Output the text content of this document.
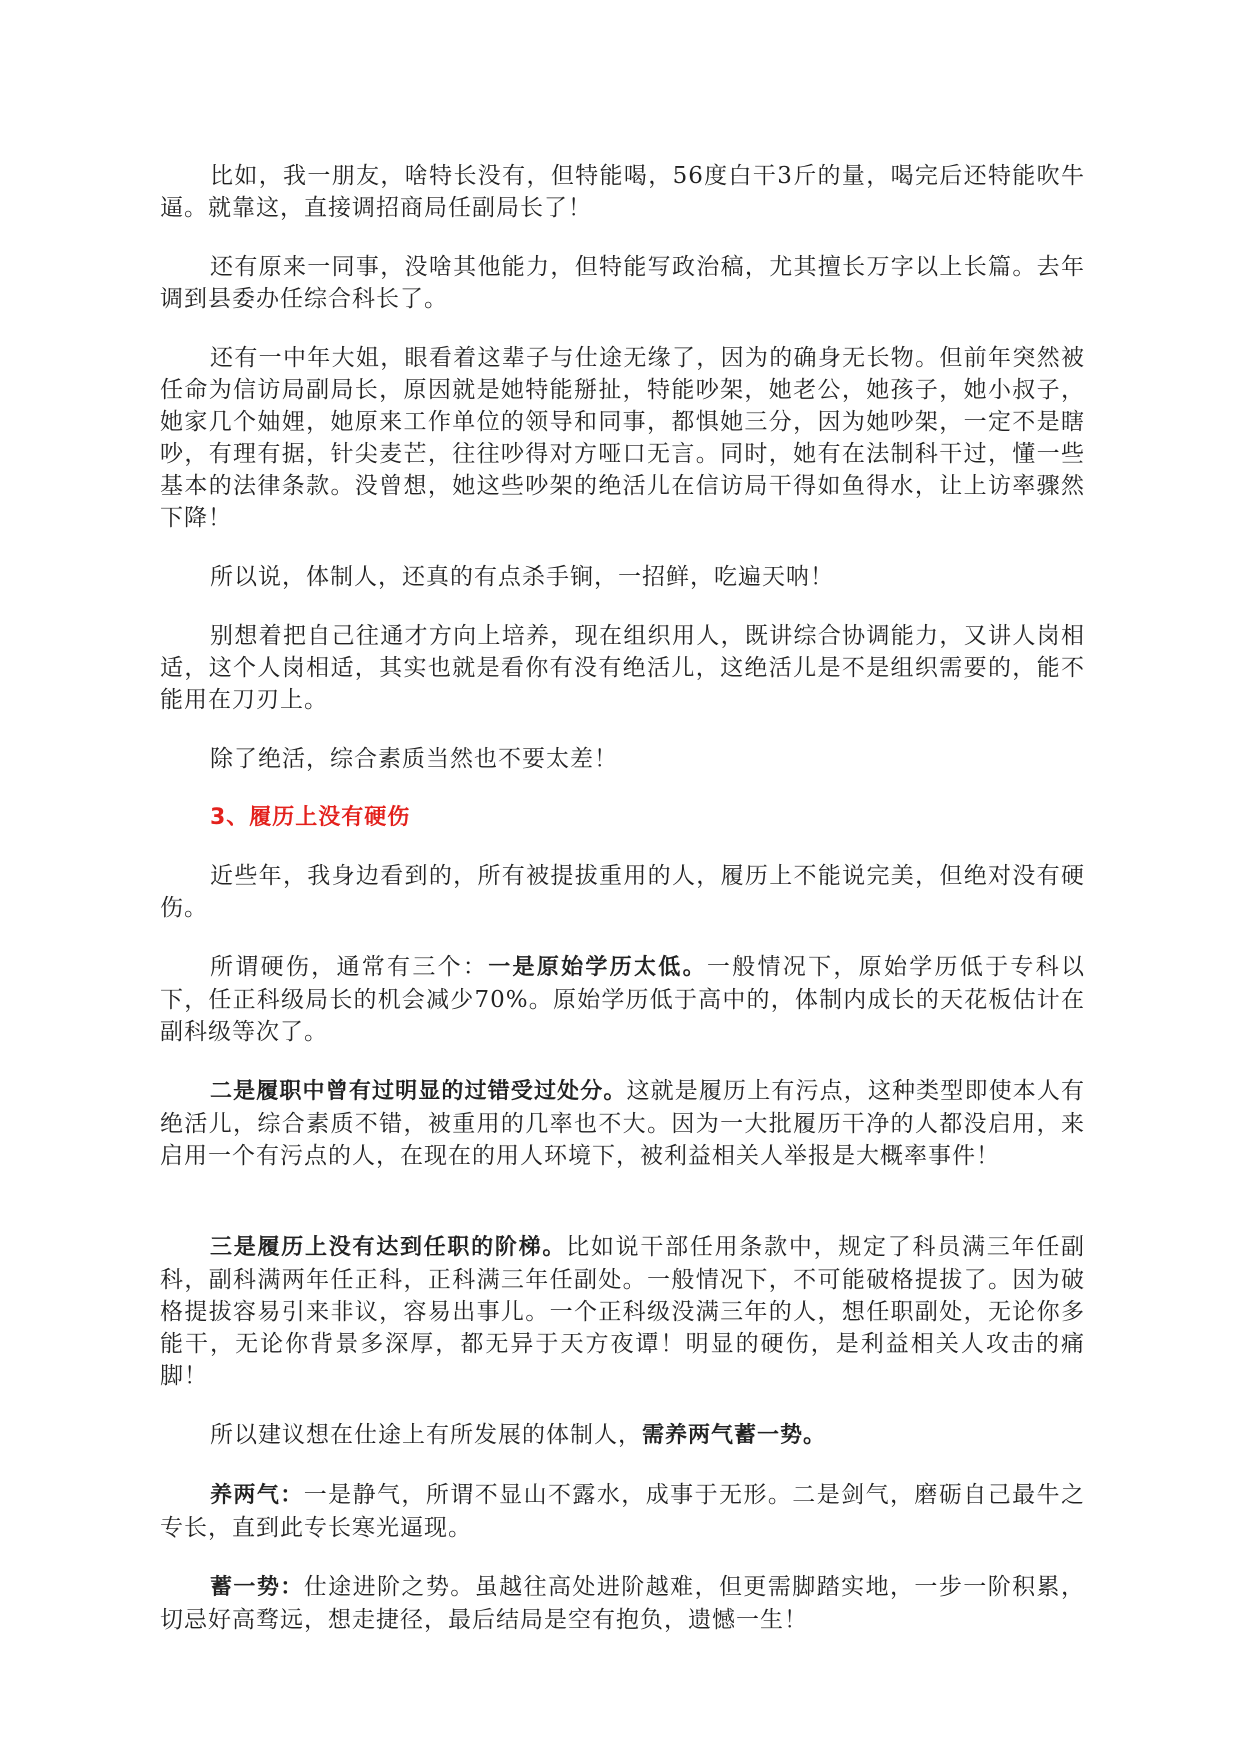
比如，我一朋友，啥特长没有，但特能喝，56度白干3斤的量，喝完后还特能吹牛逼。就靠这，直接调招商局任副局长了！

还有原来一同事，没啥其他能力，但特能写政治稿，尤其擅长万字以上长篇。去年调到县委办任综合科长了。

还有一中年大姐，眼看着这辈子与仕途无缘了，因为的确身无长物。但前年突然被任命为信访局副局长，原因就是她特能掰扯，特能吵架，她老公，她孩子，她小叔子，她家几个妯娌，她原来工作单位的领导和同事，都惧她三分，因为她吵架，一定不是瞎吵，有理有据，针尖麦芒，往往吵得对方哑口无言。同时，她有在法制科干过，懂一些基本的法律条款。没曾想，她这些吵架的绝活儿在信访局干得如鱼得水，让上访率骤然下降！

所以说，体制人，还真的有点杀手锏，一招鲜，吃遍天呐！

别想着把自己往通才方向上培养，现在组织用人，既讲综合协调能力，又讲人岗相适，这个人岗相适，其实也就是看你有没有绝活儿，这绝活儿是不是组织需要的，能不能用在刀刃上。

除了绝活，综合素质当然也不要太差！

3、履历上没有硬伤

近些年，我身边看到的，所有被提拔重用的人，履历上不能说完美，但绝对没有硬伤。

所谓硬伤，通常有三个：一是原始学历太低。一般情况下，原始学历低于专科以下，任正科级局长的机会减少70%。原始学历低于高中的，体制内成长的天花板估计在副科级等次了。

二是履职中曾有过明显的过错受过处分。这就是履历上有污点，这种类型即使本人有绝活儿，综合素质不错，被重用的几率也不大。因为一大批履历干净的人都没启用，来启用一个有污点的人，在现在的用人环境下，被利益相关人举报是大概率事件！

三是履历上没有达到任职的阶梯。比如说干部任用条款中，规定了科员满三年任副科，副科满两年任正科，正科满三年任副处。一般情况下，不可能破格提拔了。因为破格提拔容易引来非议，容易出事儿。一个正科级没满三年的人，想任职副处，无论你多能干，无论你背景多深厚，都无异于天方夜谭！明显的硬伤，是利益相关人攻击的痛脚！

所以建议想在仕途上有所发展的体制人，需养两气蓄一势。

养两气：一是静气，所谓不显山不露水，成事于无形。二是剑气，磨砺自己最牛之专长，直到此专长寒光逼现。

蓄一势：仕途进阶之势。虽越往高处进阶越难，但更需脚踏实地，一步一阶积累，切忌好高骛远，想走捷径，最后结局是空有抱负，遗憾一生！
